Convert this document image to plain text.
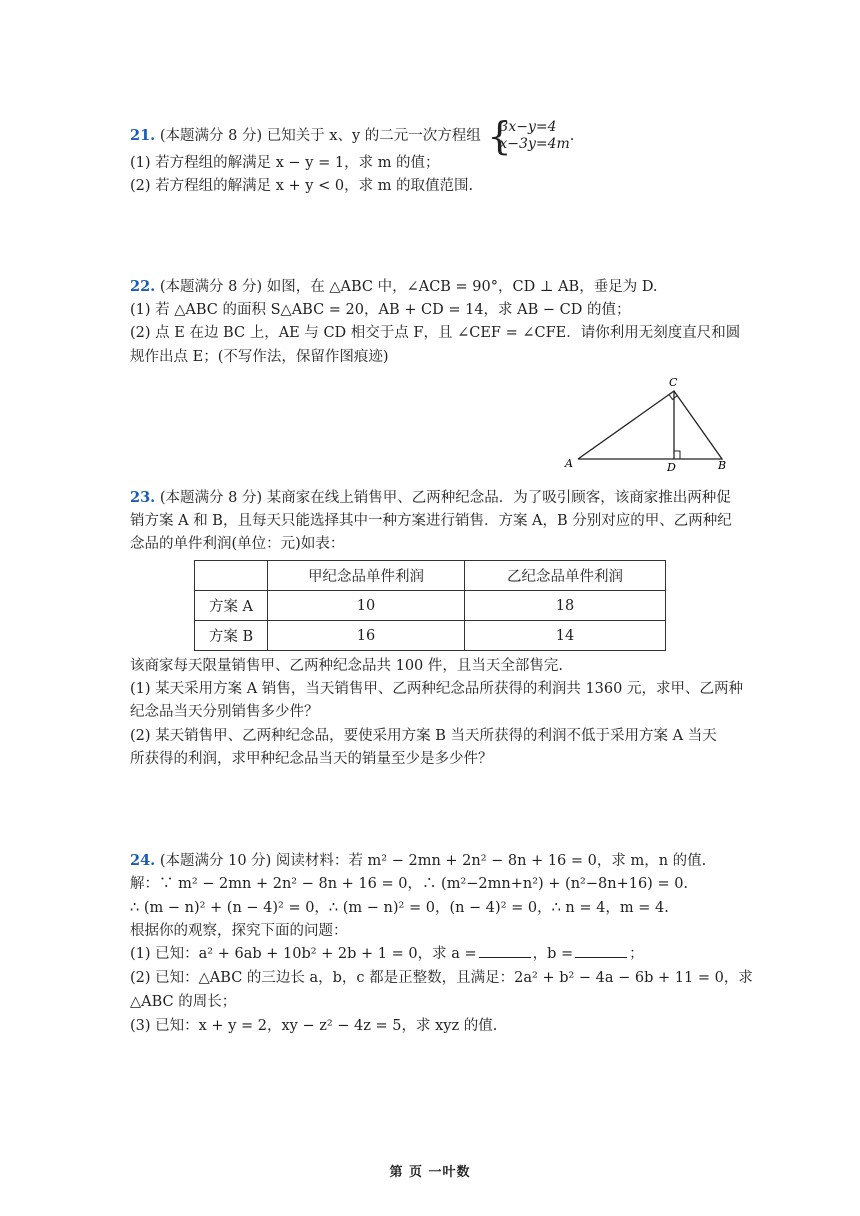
21. (本题满分 8 分) 已知关于 x、y 的二元一次方程组 {
3x−y=4
x−3y=4m .
(1) 若方程组的解满足 x − y = 1，求 m 的值；
(2) 若方程组的解满足 x + y < 0，求 m 的取值范围.
22. (本题满分 8 分) 如图，在 △ABC 中，∠ACB = 90°，CD ⊥ AB，垂足为 D.
(1) 若 △ABC 的面积 S△ABC = 20，AB + CD = 14，求 AB − CD 的值；
(2) 点 E 在边 BC 上，AE 与 CD 相交于点 F，且 ∠CEF = ∠CFE．请你利用无刻度直尺和圆
规作出点 E；(不写作法，保留作图痕迹)
A
C
D	B
23. (本题满分 8 分) 某商家在线上销售甲、乙两种纪念品．为了吸引顾客，该商家推出两种促
销方案 A 和 B，且每天只能选择其中一种方案进行销售．方案 A，B 分别对应的甲、乙两种纪
念品的单件利润(单位：元)如表：
	甲纪念品单件利润	乙纪念品单件利润
方案 A	10	18
方案 B	16	14
该商家每天限量销售甲、乙两种纪念品共 100 件，且当天全部售完.
(1) 某天采用方案 A 销售，当天销售甲、乙两种纪念品所获得的利润共 1360 元，求甲、乙两种
纪念品当天分别销售多少件？
(2) 某天销售甲、乙两种纪念品，要使采用方案 B 当天所获得的利润不低于采用方案 A 当天
所获得的利润，求甲种纪念品当天的销量至少是多少件？
24. (本题满分 10 分) 阅读材料：若 m² − 2mn + 2n² − 8n + 16 = 0，求 m，n 的值.
解：∵ m² − 2mn + 2n² − 8n + 16 = 0，∴ (m²−2mn+n²) + (n²−8n+16) = 0.
∴ (m − n)² + (n − 4)² = 0，∴ (m − n)² = 0，(n − 4)² = 0，∴ n = 4，m = 4.
根据你的观察，探究下面的问题：
(1) 已知：a² + 6ab + 10b² + 2b + 1 = 0，求 a =	，b =	；
(2) 已知：△ABC 的三边长 a，b，c 都是正整数，且满足：2a² + b² − 4a − 6b + 11 = 0，求
△ABC 的周长；
(3) 已知：x + y = 2，xy − z² − 4z = 5，求 xyz 的值.
第 页 一叶数
